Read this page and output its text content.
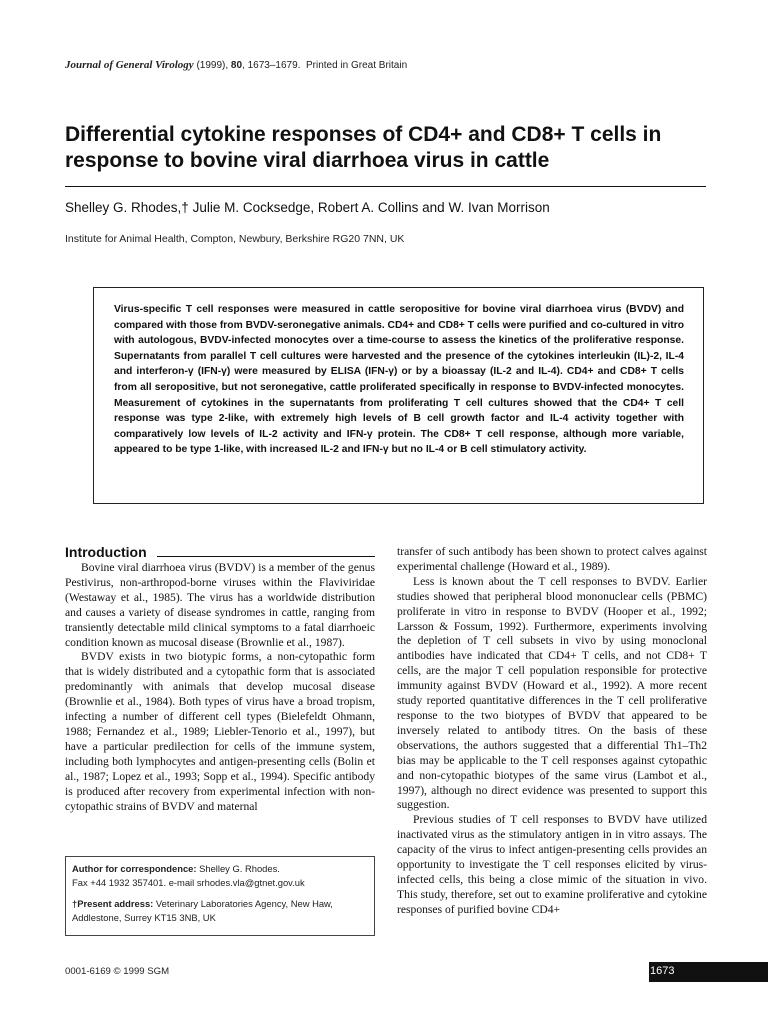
Journal of General Virology (1999), 80, 1673–1679. Printed in Great Britain
Differential cytokine responses of CD4+ and CD8+ T cells in response to bovine viral diarrhoea virus in cattle
Shelley G. Rhodes,† Julie M. Cocksedge, Robert A. Collins and W. Ivan Morrison
Institute for Animal Health, Compton, Newbury, Berkshire RG20 7NN, UK
Virus-specific T cell responses were measured in cattle seropositive for bovine viral diarrhoea virus (BVDV) and compared with those from BVDV-seronegative animals. CD4+ and CD8+ T cells were purified and co-cultured in vitro with autologous, BVDV-infected monocytes over a time-course to assess the kinetics of the proliferative response. Supernatants from parallel T cell cultures were harvested and the presence of the cytokines interleukin (IL)-2, IL-4 and interferon-γ (IFN-γ) were measured by ELISA (IFN-γ) or by a bioassay (IL-2 and IL-4). CD4+ and CD8+ T cells from all seropositive, but not seronegative, cattle proliferated specifically in response to BVDV-infected monocytes. Measurement of cytokines in the supernatants from proliferating T cell cultures showed that the CD4+ T cell response was type 2-like, with extremely high levels of B cell growth factor and IL-4 activity together with comparatively low levels of IL-2 activity and IFN-γ protein. The CD8+ T cell response, although more variable, appeared to be type 1-like, with increased IL-2 and IFN-γ but no IL-4 or B cell stimulatory activity.
Introduction

Bovine viral diarrhoea virus (BVDV) is a member of the genus Pestivirus, non-arthropod-borne viruses within the Flaviviridae (Westaway et al., 1985). The virus has a worldwide distribution and causes a variety of disease syndromes in cattle, ranging from transiently detectable mild clinical symptoms to a fatal diarrhoeic condition known as mucosal disease (Brownlie et al., 1987).

BVDV exists in two biotypic forms, a non-cytopathic form that is widely distributed and a cytopathic form that is associated predominantly with animals that develop mucosal disease (Brownlie et al., 1984). Both types of virus have a broad tropism, infecting a number of different cell types (Bielefeldt Ohmann, 1988; Fernandez et al., 1989; Liebler-Tenorio et al., 1997), but have a particular predilection for cells of the immune system, including both lymphocytes and antigen-presenting cells (Bolin et al., 1987; Lopez et al., 1993; Sopp et al., 1994). Specific antibody is produced after recovery from experimental infection with non-cytopathic strains of BVDV and maternal

transfer of such antibody has been shown to protect calves against experimental challenge (Howard et al., 1989).

Less is known about the T cell responses to BVDV. Earlier studies showed that peripheral blood mononuclear cells (PBMC) proliferate in vitro in response to BVDV (Hooper et al., 1992; Larsson & Fossum, 1992). Furthermore, experiments involving the depletion of T cell subsets in vivo by using monoclonal antibodies have indicated that CD4+ T cells, and not CD8+ T cells, are the major T cell population responsible for protective immunity against BVDV (Howard et al., 1992). A more recent study reported quantitative differences in the T cell proliferative response to the two biotypes of BVDV that appeared to be inversely related to antibody titres. On the basis of these observations, the authors suggested that a differential Th1–Th2 bias may be applicable to the T cell responses against cytopathic and non-cytopathic biotypes of the same virus (Lambot et al., 1997), although no direct evidence was presented to support this suggestion.

Previous studies of T cell responses to BVDV have utilized inactivated virus as the stimulatory antigen in in vitro assays. The capacity of the virus to infect antigen-presenting cells provides an opportunity to investigate the T cell responses elicited by virus-infected cells, this being a close mimic of the situation in vivo. This study, therefore, set out to examine proliferative and cytokine responses of purified bovine CD4+

Author for correspondence: Shelley G. Rhodes.
Fax +44 1932 357401. e-mail srhodes.vla@gtnet.gov.uk
†Present address: Veterinary Laboratories Agency, New Haw,
Addlestone, Surrey KT15 3NB, UK
0001-6169 © 1999 SGM	1673
